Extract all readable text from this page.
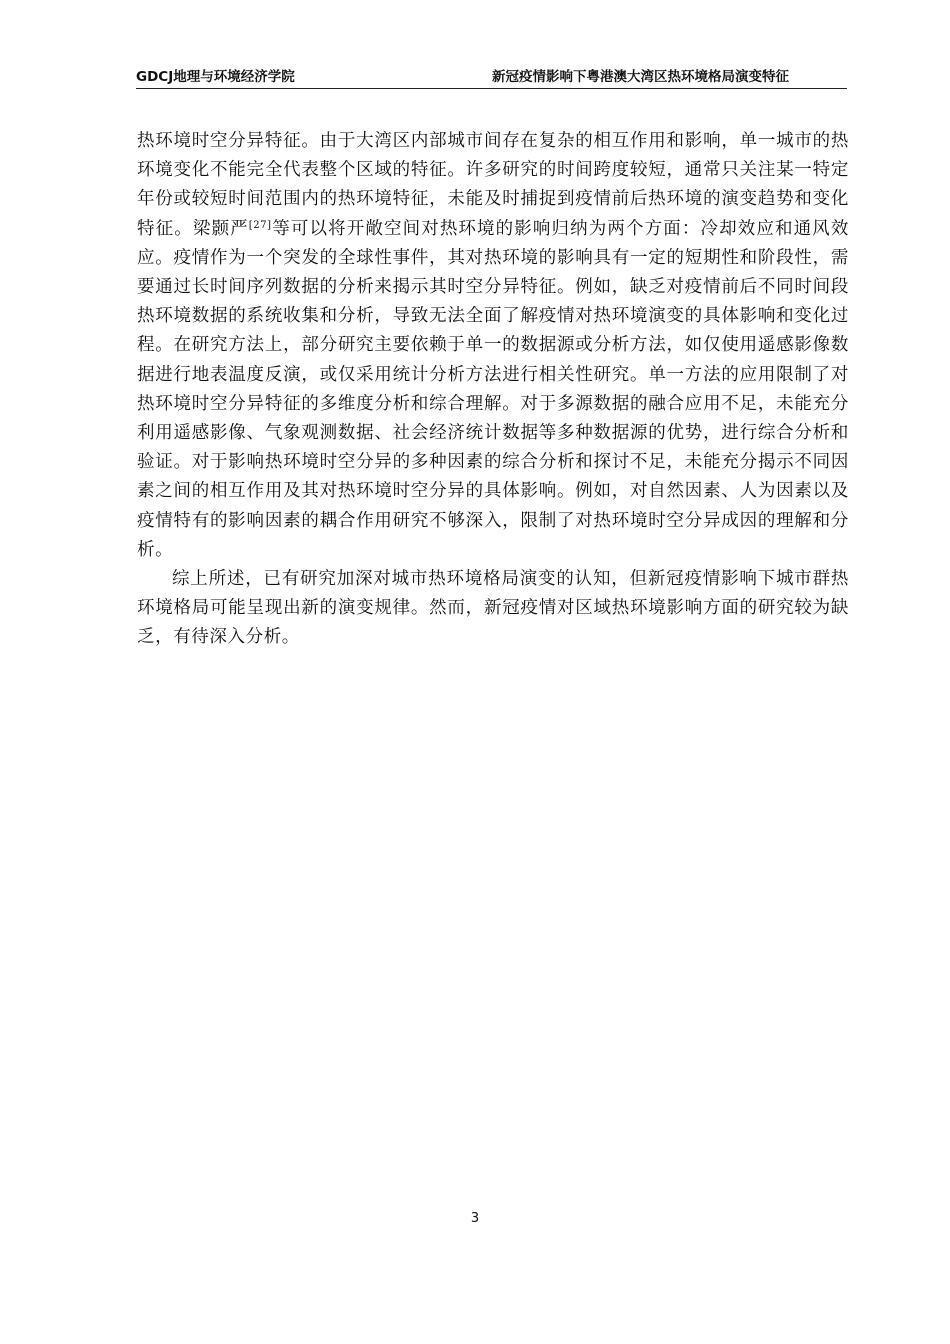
GDCJ地理与环境经济学院	新冠疫情影响下粤港澳大湾区热环境格局演变特征

热环境时空分异特征。由于大湾区内部城市间存在复杂的相互作用和影响，单一城市的热环境变化不能完全代表整个区域的特征。许多研究的时间跨度较短，通常只关注某一特定年份或较短时间范围内的热环境特征，未能及时捕捉到疫情前后热环境的演变趋势和变化特征。梁颢严[27]等可以将开敞空间对热环境的影响归纳为两个方面：冷却效应和通风效应。疫情作为一个突发的全球性事件，其对热环境的影响具有一定的短期性和阶段性，需要通过长时间序列数据的分析来揭示其时空分异特征。例如，缺乏对疫情前后不同时间段热环境数据的系统收集和分析，导致无法全面了解疫情对热环境演变的具体影响和变化过程。在研究方法上，部分研究主要依赖于单一的数据源或分析方法，如仅使用遥感影像数据进行地表温度反演，或仅采用统计分析方法进行相关性研究。单一方法的应用限制了对热环境时空分异特征的多维度分析和综合理解。对于多源数据的融合应用不足，未能充分利用遥感影像、气象观测数据、社会经济统计数据等多种数据源的优势，进行综合分析和验证。对于影响热环境时空分异的多种因素的综合分析和探讨不足，未能充分揭示不同因素之间的相互作用及其对热环境时空分异的具体影响。例如，对自然因素、人为因素以及疫情特有的影响因素的耦合作用研究不够深入，限制了对热环境时空分异成因的理解和分析。

综上所述，已有研究加深对城市热环境格局演变的认知，但新冠疫情影响下城市群热环境格局可能呈现出新的演变规律。然而，新冠疫情对区域热环境影响方面的研究较为缺乏，有待深入分析。

3
